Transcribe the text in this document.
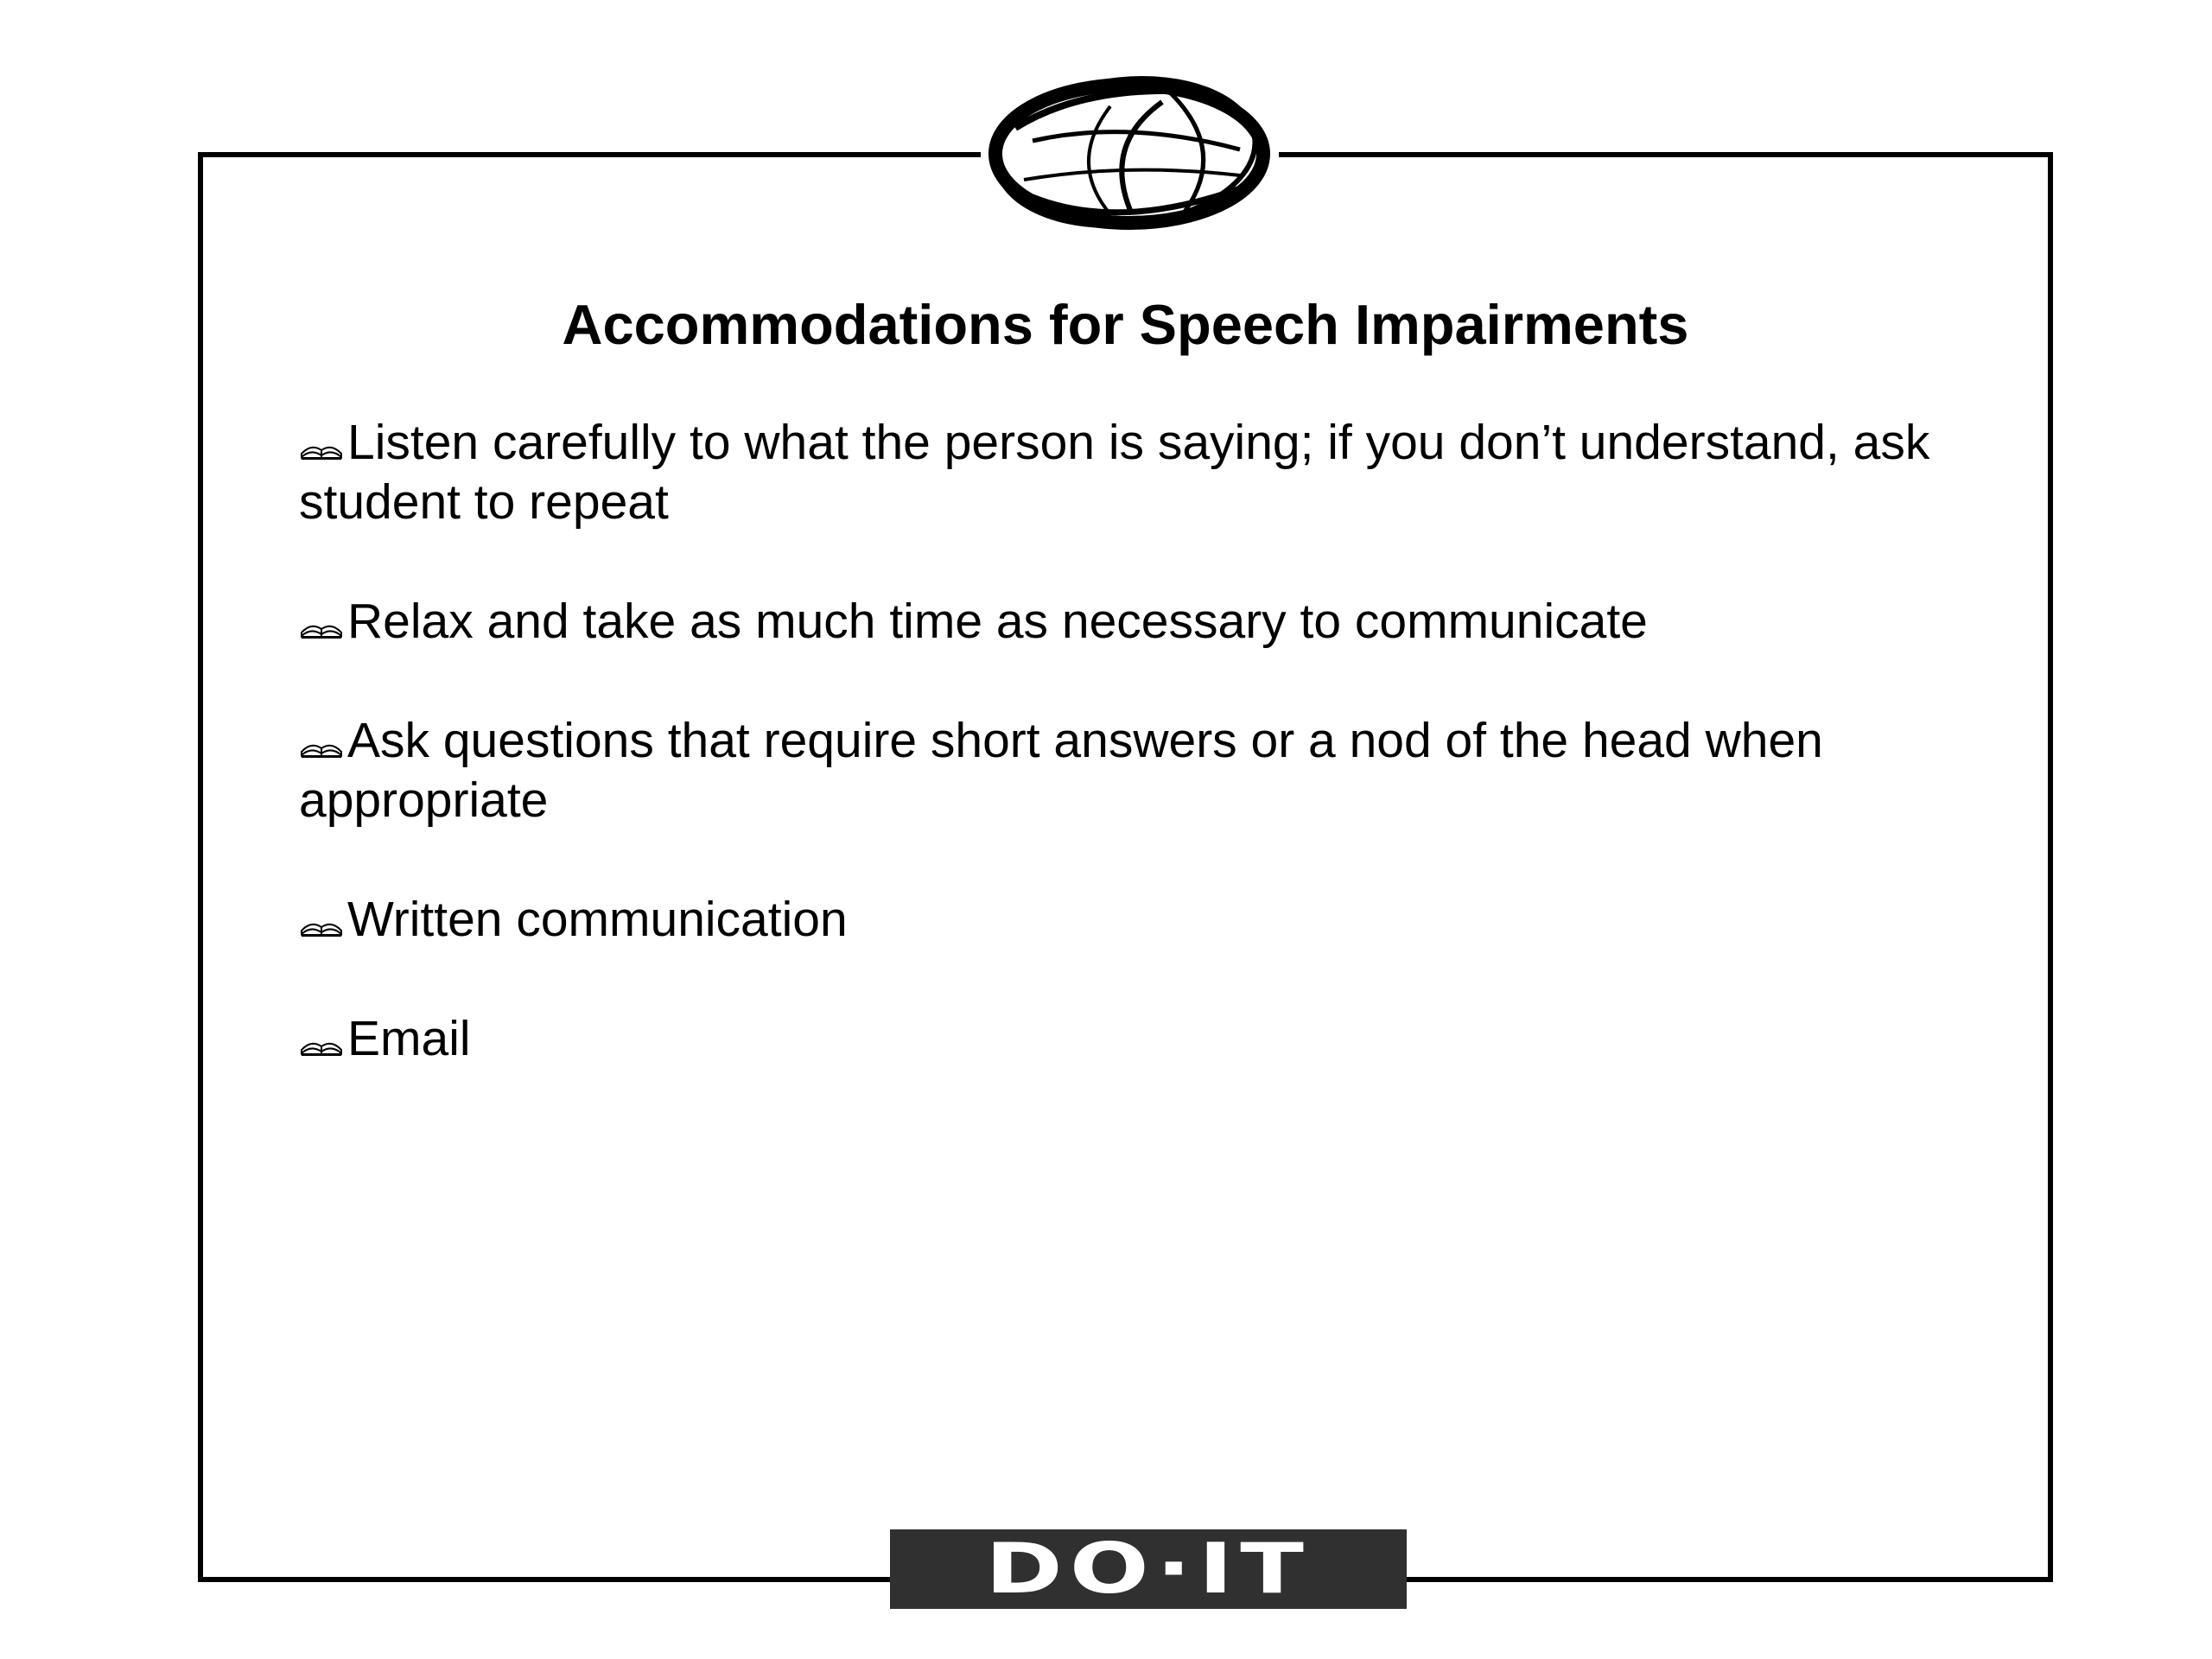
Accommodations for Speech Impairments
Listen carefully to what the person is saying; if you don’t understand, ask student to repeat
Relax and take as much time as necessary to communicate
Ask questions that require short answers or a nod of the head when appropriate
Written communication
Email
DO·IT
